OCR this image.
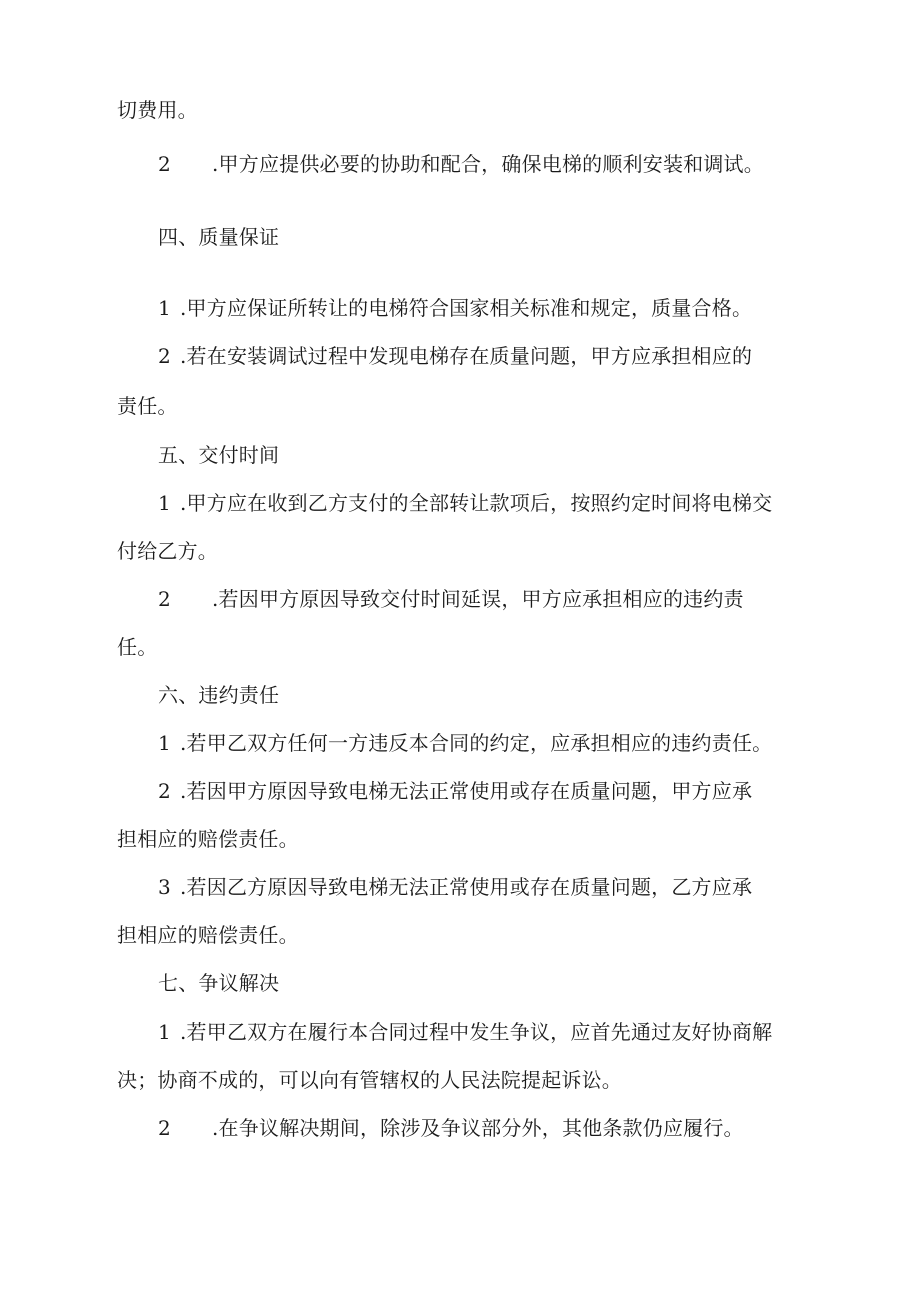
切费用。
2 .甲方应提供必要的协助和配合，确保电梯的顺利安装和调试。
四、质量保证
1 .甲方应保证所转让的电梯符合国家相关标准和规定，质量合格。
2 .若在安装调试过程中发现电梯存在质量问题，甲方应承担相应的
责任。
五、交付时间
1 .甲方应在收到乙方支付的全部转让款项后，按照约定时间将电梯交
付给乙方。
2 .若因甲方原因导致交付时间延误，甲方应承担相应的违约责
任。
六、违约责任
1 .若甲乙双方任何一方违反本合同的约定，应承担相应的违约责任。
2 .若因甲方原因导致电梯无法正常使用或存在质量问题，甲方应承
担相应的赔偿责任。
3 .若因乙方原因导致电梯无法正常使用或存在质量问题，乙方应承
担相应的赔偿责任。
七、争议解决
1 .若甲乙双方在履行本合同过程中发生争议，应首先通过友好协商解
决；协商不成的，可以向有管辖权的人民法院提起诉讼。
2 .在争议解决期间，除涉及争议部分外，其他条款仍应履行。
